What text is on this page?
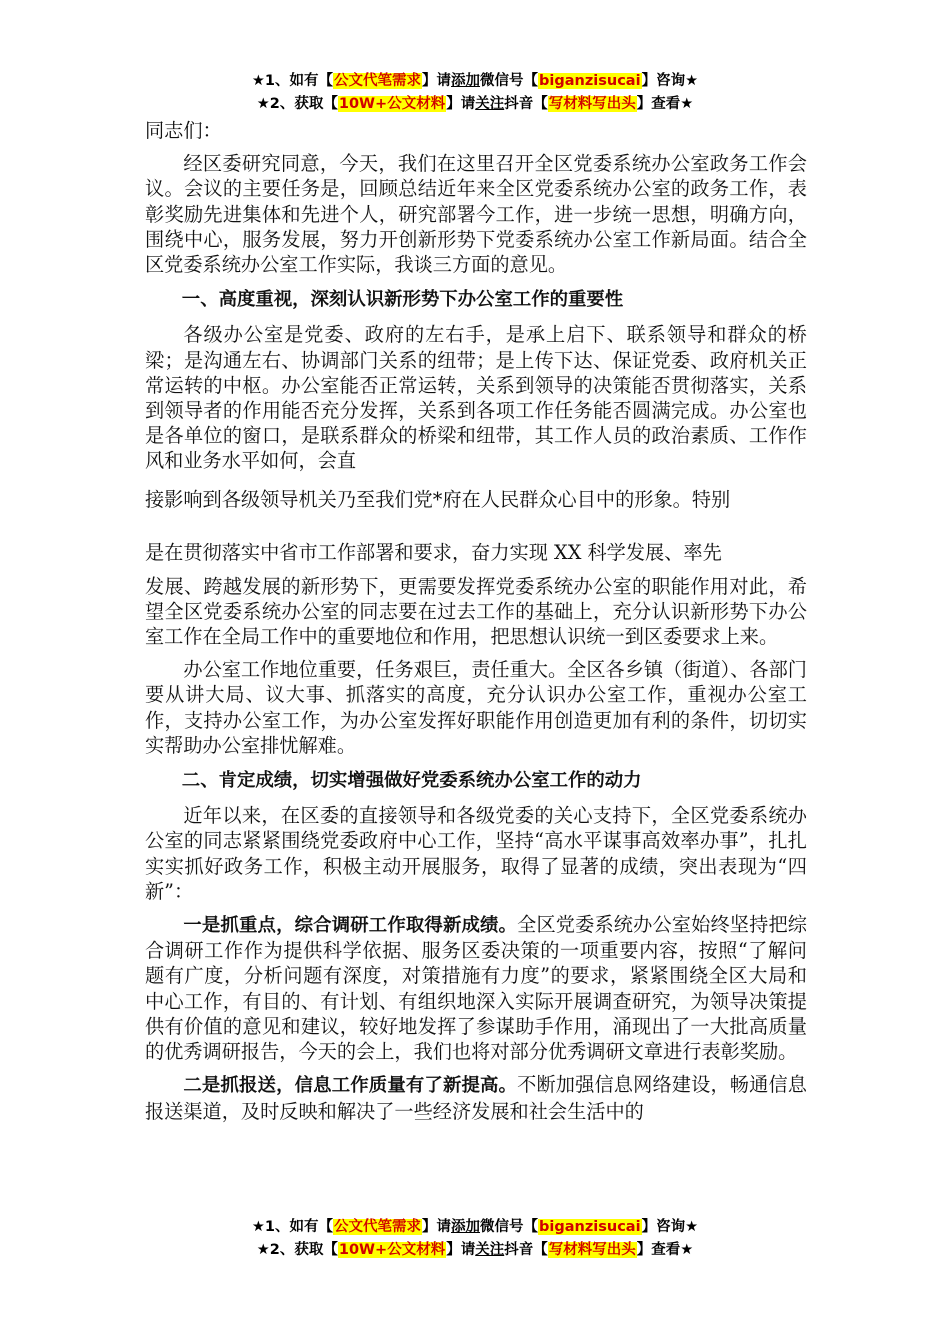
★1、如有【公文代笔需求】请添加微信号【biganzisucai】咨询★
★2、获取【10W+公文材料】请关注抖音【写材料写出头】查看★

同志们：

经区委研究同意，今天，我们在这里召开全区党委系统办公室政务工作会议。会议的主要任务是，回顾总结近年来全区党委系统办公室的政务工作，表彰奖励先进集体和先进个人，研究部署今工作，进一步统一思想，明确方向，围绕中心，服务发展，努力开创新形势下党委系统办公室工作新局面。结合全区党委系统办公室工作实际，我谈三方面的意见。

一、高度重视，深刻认识新形势下办公室工作的重要性

各级办公室是党委、政府的左右手，是承上启下、联系领导和群众的桥梁；是沟通左右、协调部门关系的纽带；是上传下达、保证党委、政府机关正常运转的中枢。办公室能否正常运转，关系到领导的决策能否贯彻落实，关系到领导者的作用能否充分发挥，关系到各项工作任务能否圆满完成。办公室也是各单位的窗口，是联系群众的桥梁和纽带，其工作人员的政治素质、工作作风和业务水平如何，会直

接影响到各级领导机关乃至我们党*府在人民群众心目中的形象。特别

是在贯彻落实中省市工作部署和要求，奋力实现 XX 科学发展、率先

发展、跨越发展的新形势下，更需要发挥党委系统办公室的职能作用对此，希望全区党委系统办公室的同志要在过去工作的基础上，充分认识新形势下办公室工作在全局工作中的重要地位和作用，把思想认识统一到区委要求上来。

办公室工作地位重要，任务艰巨，责任重大。全区各乡镇（街道）、各部门要从讲大局、议大事、抓落实的高度，充分认识办公室工作，重视办公室工作，支持办公室工作，为办公室发挥好职能作用创造更加有利的条件，切切实实帮助办公室排忧解难。

二、肯定成绩，切实增强做好党委系统办公室工作的动力

近年以来，在区委的直接领导和各级党委的关心支持下，全区党委系统办公室的同志紧紧围绕党委政府中心工作，坚持“高水平谋事高效率办事”，扎扎实实抓好政务工作，积极主动开展服务，取得了显著的成绩，突出表现为“四新”：

一是抓重点，综合调研工作取得新成绩。全区党委系统办公室始终坚持把综合调研工作作为提供科学依据、服务区委决策的一项重要内容，按照“了解问题有广度，分析问题有深度，对策措施有力度”的要求，紧紧围绕全区大局和中心工作，有目的、有计划、有组织地深入实际开展调查研究，为领导决策提供有价值的意见和建议，较好地发挥了参谋助手作用，涌现出了一大批高质量的优秀调研报告，今天的会上，我们也将对部分优秀调研文章进行表彰奖励。

二是抓报送，信息工作质量有了新提高。不断加强信息网络建设，畅通信息报送渠道，及时反映和解决了一些经济发展和社会生活中的

★1、如有【公文代笔需求】请添加微信号【biganzisucai】咨询★
★2、获取【10W+公文材料】请关注抖音【写材料写出头】查看★
